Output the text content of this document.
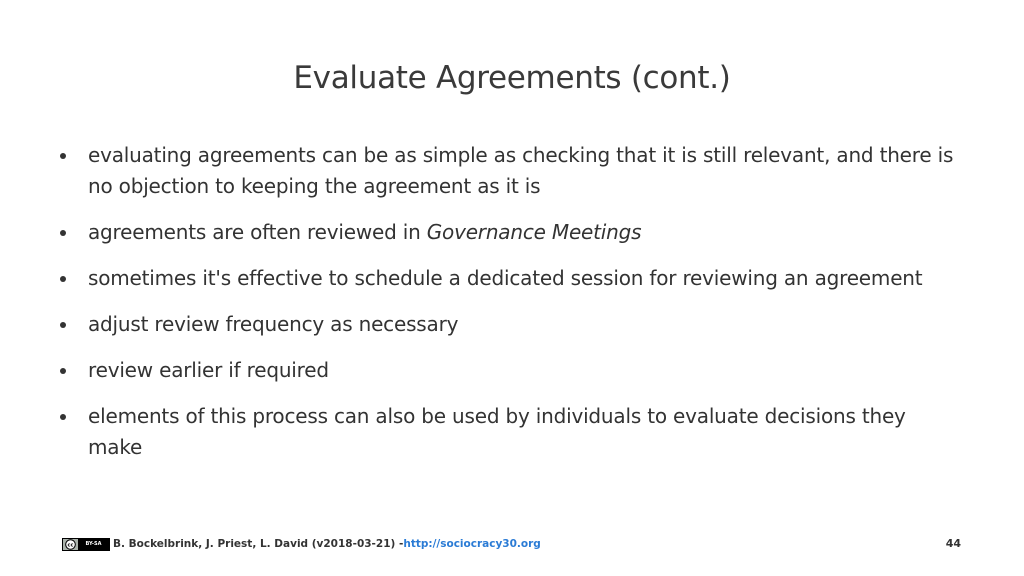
Evaluate Agreements (cont.)
evaluating agreements can be as simple as checking that it is still relevant, and there is no objection to keeping the agreement as it is
agreements are often reviewed in Governance Meetings
sometimes it's effective to schedule a dedicated session for reviewing an agreement
adjust review frequency as necessary
review earlier if required
elements of this process can also be used by individuals to evaluate decisions they make
cc	BY-SA	B. Bockelbrink, J. Priest, L. David (v2018-03-21) - http://sociocracy30.org	44
